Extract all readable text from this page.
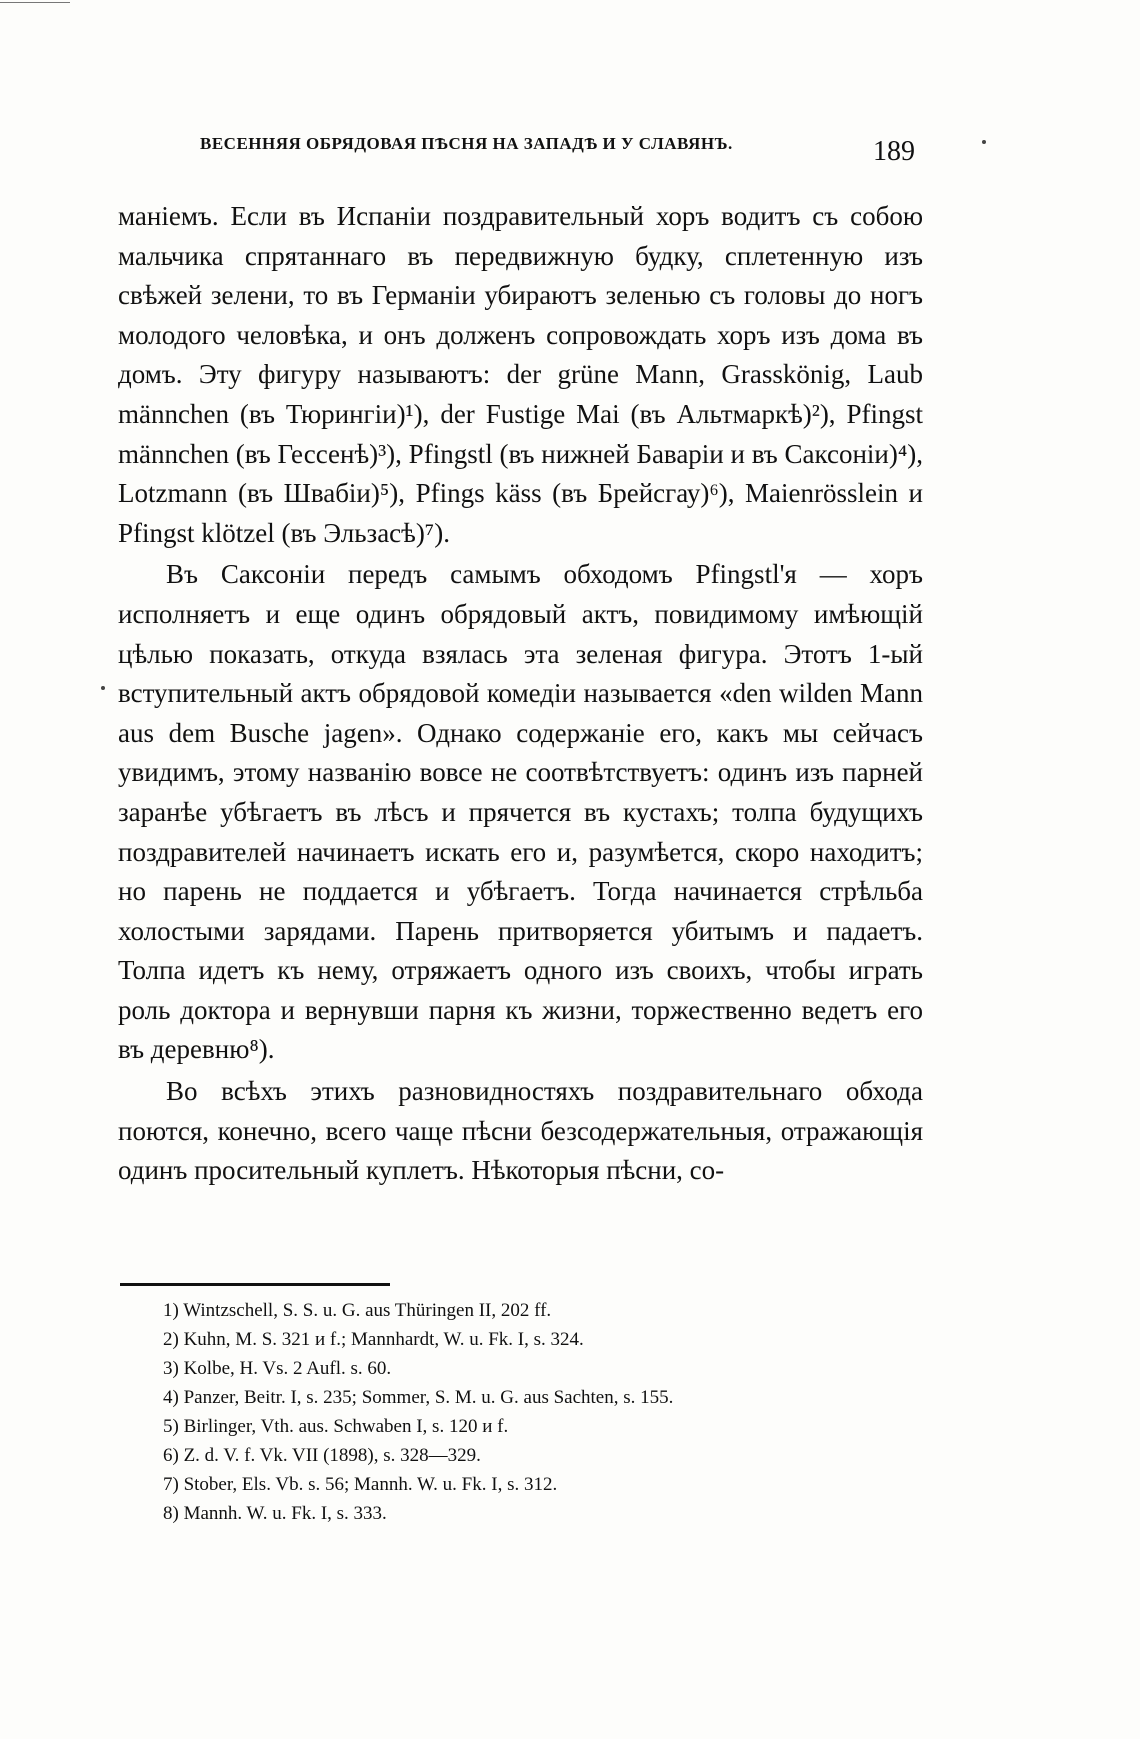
ВЕСЕННЯЯ ОБРЯДОВАЯ ПѢСНЯ НА ЗАПАДѢ И У СЛАВЯНЪ.	189

маніемъ. Если въ Испаніи поздравительный хоръ водитъ съ собою мальчика спрятаннаго въ передвижную будку, сплетенную изъ свѣжей зелени, то въ Германіи убираютъ зеленью съ головы до ногъ молодого человѣка, и онъ долженъ сопровождать хоръ изъ дома въ домъ. Эту фигуру называютъ: der grüne Mann, Grasskönig, Laub männchen (въ Тюрингіи)¹), der Fustige Mai (въ Альтмаркѣ)²), Pfingst männchen (въ Гессенѣ)³), Pfingstl (въ нижней Баваріи и въ Саксоніи)⁴), Lotzmann (въ Швабіи)⁵), Pfings käss (въ Брейсгау)⁶), Maienrösslein и Pfingst klötzel (въ Эльзасѣ)⁷).

Въ Саксоніи передъ самымъ обходомъ Pfingstl'я — хоръ исполняетъ и еще одинъ обрядовый актъ, повидимому имѣющій цѣлью показать, откуда взялась эта зеленая фигура. Этотъ 1-ый вступительный актъ обрядовой комедіи называется «den wilden Mann aus dem Busche jagen». Однако содержаніе его, какъ мы сейчасъ увидимъ, этому названію вовсе не соотвѣтствуетъ: одинъ изъ парней заранѣе убѣгаетъ въ лѣсъ и прячется въ кустахъ; толпа будущихъ поздравителей начинаетъ искать его и, разумѣется, скоро находитъ; но парень не поддается и убѣгаетъ. Тогда начинается стрѣльба холостыми зарядами. Парень притворяется убитымъ и падаетъ. Толпа идетъ къ нему, отряжаетъ одного изъ своихъ, чтобы играть роль доктора и вернувши парня къ жизни, торжественно ведетъ его въ деревню⁸).

Во всѣхъ этихъ разновидностяхъ поздравительнаго обхода поются, конечно, всего чаще пѣсни безсодержательныя, отражающія одинъ просительный куплетъ. Нѣкоторыя пѣсни, со-

1) Wintzschell, S. S. u. G. aus Thüringen II, 202 ff.
2) Kuhn, M. S. 321 и f.; Mannhardt, W. u. Fk. I, s. 324.
3) Kolbe, H. Vs. 2 Aufl. s. 60.
4) Panzer, Beitr. I, s. 235; Sommer, S. M. u. G. aus Sachten, s. 155.
5) Birlinger, Vth. aus. Schwaben I, s. 120 и f.
6) Z. d. V. f. Vk. VII (1898), s. 328—329.
7) Stober, Els. Vb. s. 56; Mannh. W. u. Fk. I, s. 312.
8) Mannh. W. u. Fk. I, s. 333.
